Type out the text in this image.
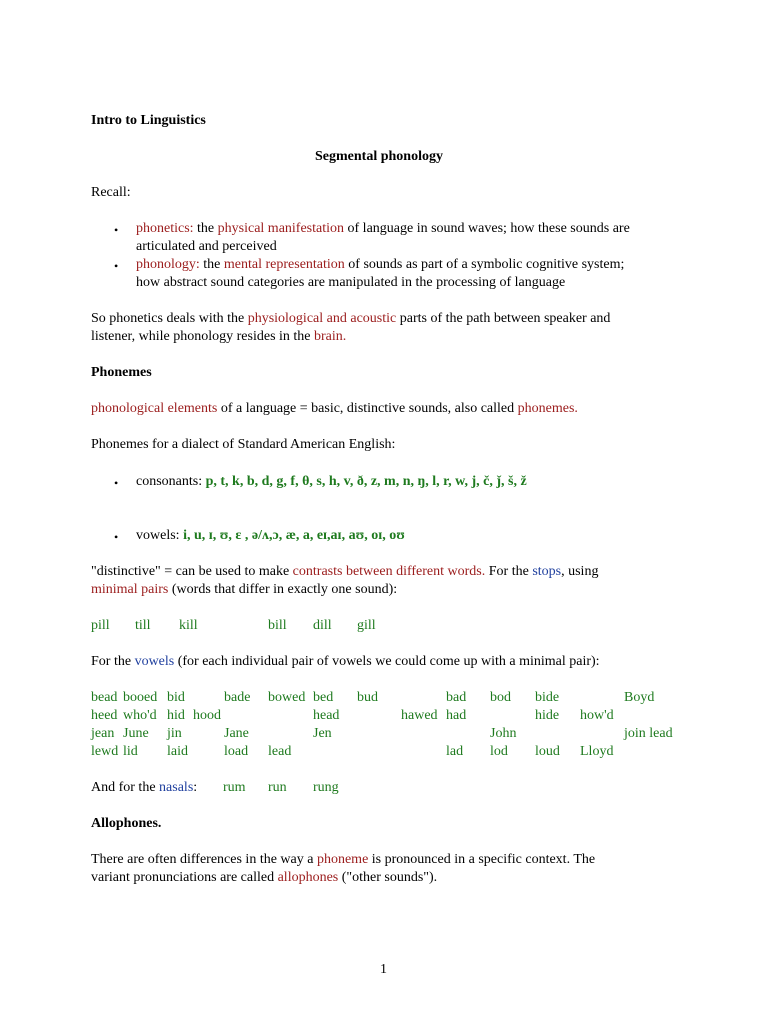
Intro to Linguistics
Segmental phonology
Recall:
• phonetics: the physical manifestation of language in sound waves; how these sounds are
articulated and perceived
• phonology: the mental representation of sounds as part of a symbolic cognitive system;
how abstract sound categories are manipulated in the processing of language
So phonetics deals with the physiological and acoustic parts of the path between speaker and
listener, while phonology resides in the brain.
Phonemes
phonological elements of a language = basic, distinctive sounds, also called phonemes.
Phonemes for a dialect of Standard American English:
• consonants: p, t, k, b, d, g, f, θ, s, h, v, ð, z, m, n, ŋ, l, r, w, j, č, ǰ, š, ž
• vowels: i, u, ɪ, ʊ, ɛ , ə/ʌ,ɔ, æ, a, eɪ,aɪ, aʊ, oɪ, oʊ
"distinctive" = can be used to make contrasts between different words. For the stops, using
minimal pairs (words that differ in exactly one sound):
pill till kill	bill dill gill
For the vowels (for each individual pair of vowels we could come up with a minimal pair):
bead booed bid	bade bowed bed bud	bad bod bide	Boyd
heed who'd hid hood	head	hawed had	hide how'd
jean June jin	Jane	Jen	John	join lead
lewd lid laid	load lead	lad lod loud Lloyd
And for the nasals: rum run rung
Allophones.
There are often differences in the way a phoneme is pronounced in a specific context. The
variant pronunciations are called allophones ("other sounds").
1
